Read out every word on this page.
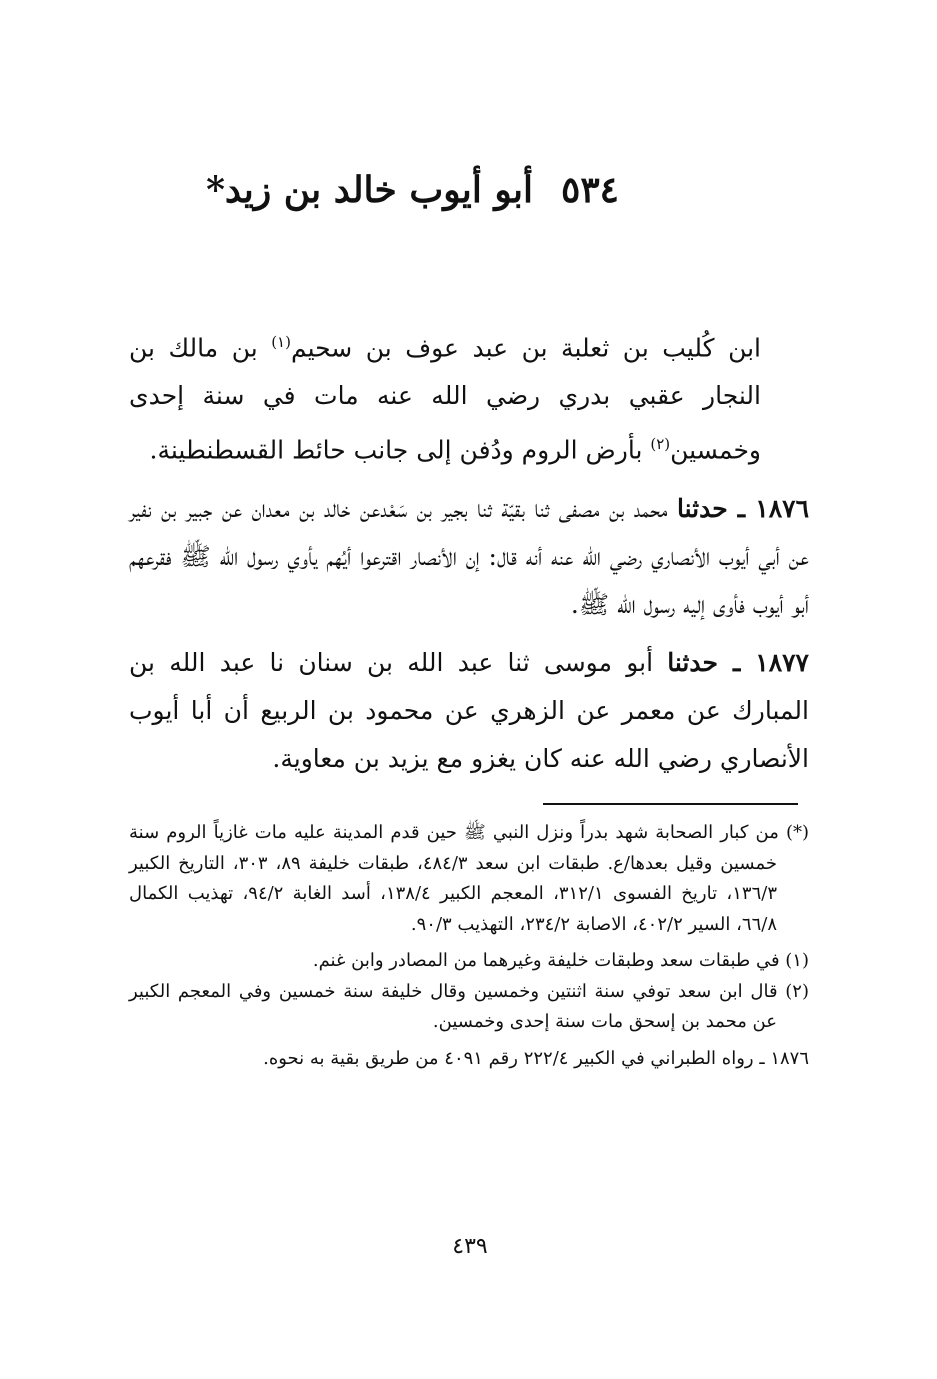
٥٣٤أبو أيوب خالد بن زيد*

ابن كُليب بن ثعلبة بن عبد عوف بن سحيم$^{(١)}$ بن مالك بن النجار عقبي بدري رضي الله عنه مات في سنة إحدى وخمسين$^{(٢)}$ بأرض الروم ودُفن إلى جانب حائط القسطنطينة.

١٨٧٦ ـ حدثنا محمد بن مصفى ثنا بقيّة ثنا بجير بن سَعْدعن خالد بن معدان عن جبير بن نفير عن أبي أيوب الأنصاري رضي الله عنه أنه قال: إن الأنصار اقترعوا أيُهم يأوي رسول الله ﷺ فقرعهم أبو أيوب فأوى إليه رسول الله ﷺ.

١٨٧٧ ـ حدثنا أبو موسى ثنا عبد الله بن سنان نا عبد الله بن المبارك عن معمر عن الزهري عن محمود بن الربيع أن أبا أيوب الأنصاري رضي الله عنه كان يغزو مع يزيد بن معاوية.

(*) من كبار الصحابة شهد بدراً ونزل النبي ﷺ حين قدم المدينة عليه مات غازياً الروم سنة خمسين وقيل بعدها/ع. طبقات ابن سعد ٤٨٤/٣، طبقات خليفة ٨٩، ٣٠٣، التاريخ الكبير ١٣٦/٣، تاريخ الفسوى ٣١٢/١، المعجم الكبير ١٣٨/٤، أسد الغابة ٩٤/٢، تهذيب الكمال ٦٦/٨، السير ٤٠٢/٢، الاصابة ٢٣٤/٢، التهذيب ٩٠/٣.

(١) في طبقات سعد وطبقات خليفة وغيرهما من المصادر وابن غنم.

(٢) قال ابن سعد توفي سنة اثنتين وخمسين وقال خليفة سنة خمسين وفي المعجم الكبير عن محمد بن إسحق مات سنة إحدى وخمسين.

١٨٧٦ ـ رواه الطبراني في الكبير ٢٢٢/٤ رقم ٤٠٩١ من طريق بقية به نحوه.

٤٣٩
